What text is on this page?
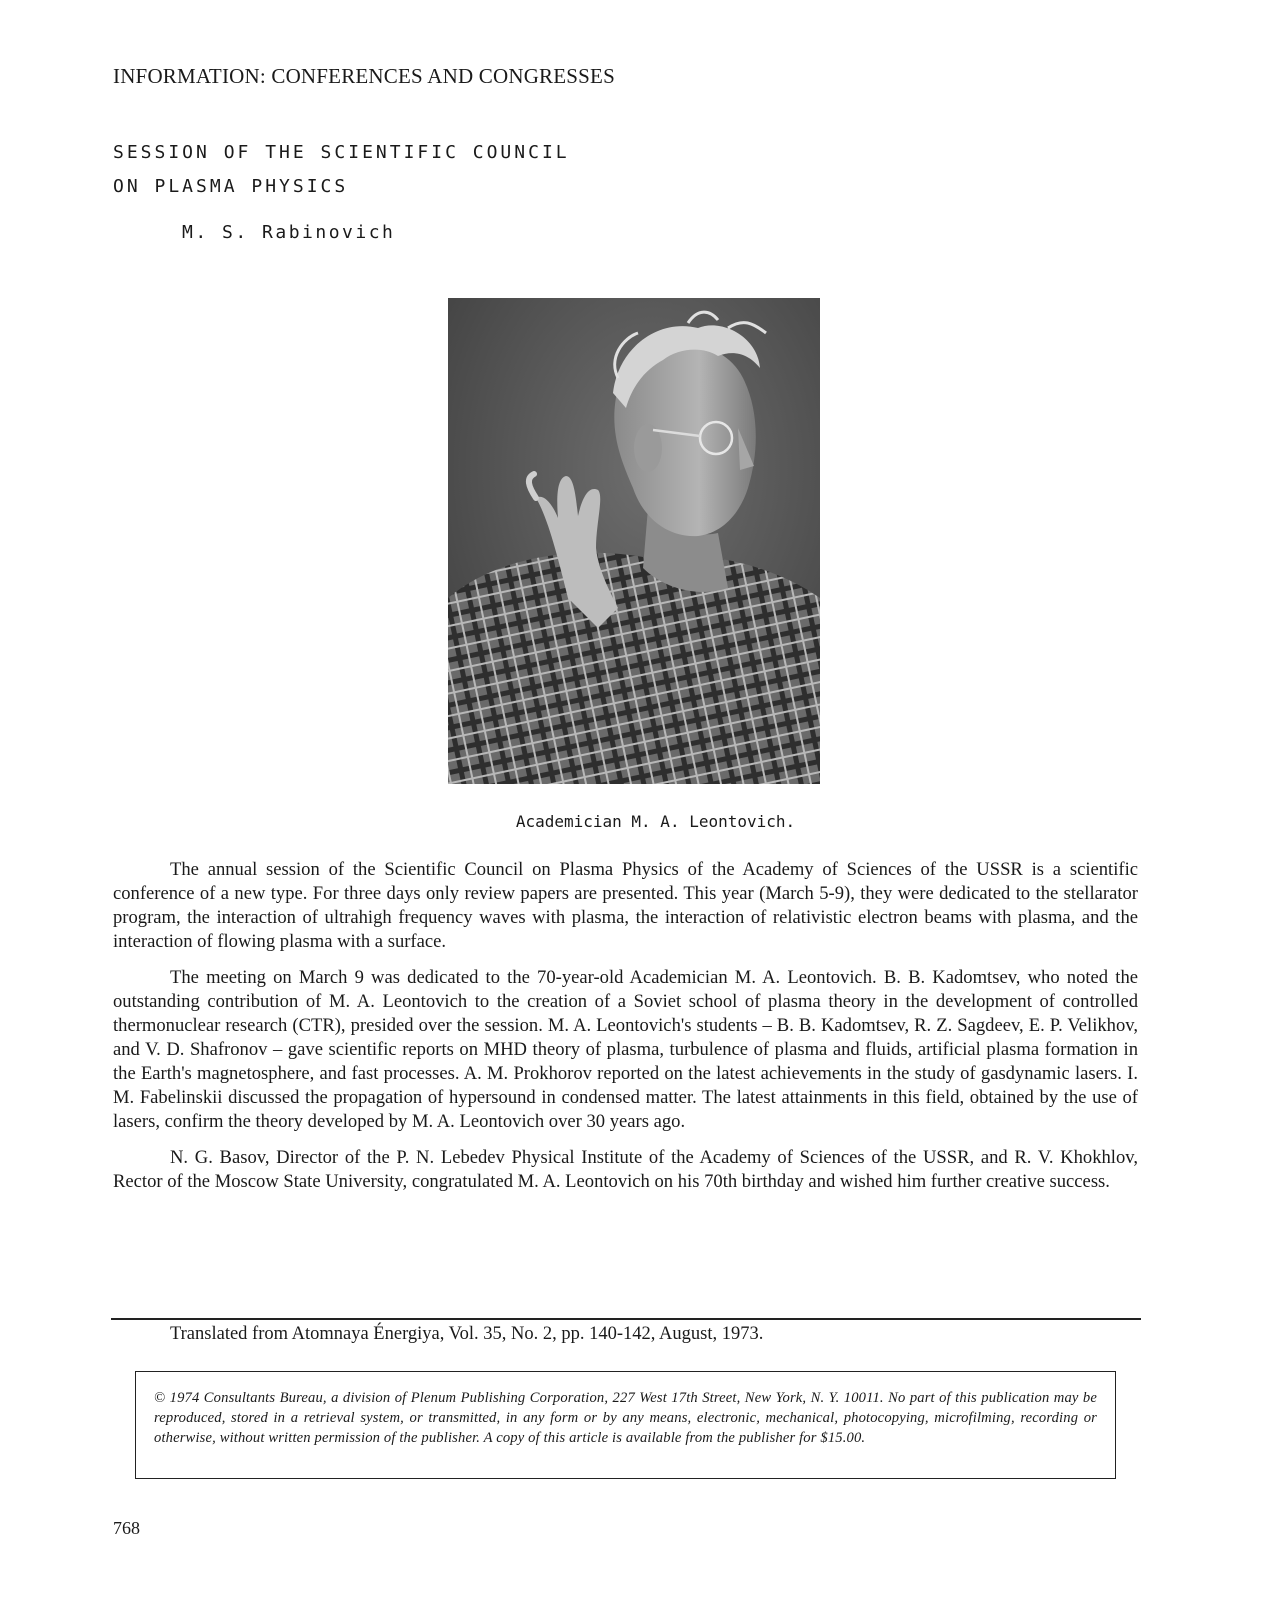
INFORMATION: CONFERENCES AND CONGRESSES
SESSION OF THE SCIENTIFIC COUNCIL
ON PLASMA PHYSICS
M. S. Rabinovich
Academician M. A. Leontovich.

The annual session of the Scientific Council on Plasma Physics of the Academy of Sciences of the USSR is a scientific conference of a new type. For three days only review papers are presented. This year (March 5-9), they were dedicated to the stellarator program, the interaction of ultrahigh frequency waves with plasma, the interaction of relativistic electron beams with plasma, and the interaction of flowing plasma with a surface.

The meeting on March 9 was dedicated to the 70-year-old Academician M. A. Leontovich. B. B. Kadomtsev, who noted the outstanding contribution of M. A. Leontovich to the creation of a Soviet school of plasma theory in the development of controlled thermonuclear research (CTR), presided over the session. M. A. Leontovich's students – B. B. Kadomtsev, R. Z. Sagdeev, E. P. Velikhov, and V. D. Shafronov – gave scientific reports on MHD theory of plasma, turbulence of plasma and fluids, artificial plasma formation in the Earth's magnetosphere, and fast processes. A. M. Prokhorov reported on the latest achievements in the study of gasdynamic lasers. I. M. Fabelinskii discussed the propagation of hypersound in condensed matter. The latest attainments in this field, obtained by the use of lasers, confirm the theory developed by M. A. Leontovich over 30 years ago.

N. G. Basov, Director of the P. N. Lebedev Physical Institute of the Academy of Sciences of the USSR, and R. V. Khokhlov, Rector of the Moscow State University, congratulated M. A. Leontovich on his 70th birthday and wished him further creative success.

Translated from Atomnaya Énergiya, Vol. 35, No. 2, pp. 140-142, August, 1973.

© 1974 Consultants Bureau, a division of Plenum Publishing Corporation, 227 West 17th Street, New York, N. Y. 10011. No part of this publication may be reproduced, stored in a retrieval system, or transmitted, in any form or by any means, electronic, mechanical, photocopying, microfilming, recording or otherwise, without written permission of the publisher. A copy of this article is available from the publisher for $15.00.

768
